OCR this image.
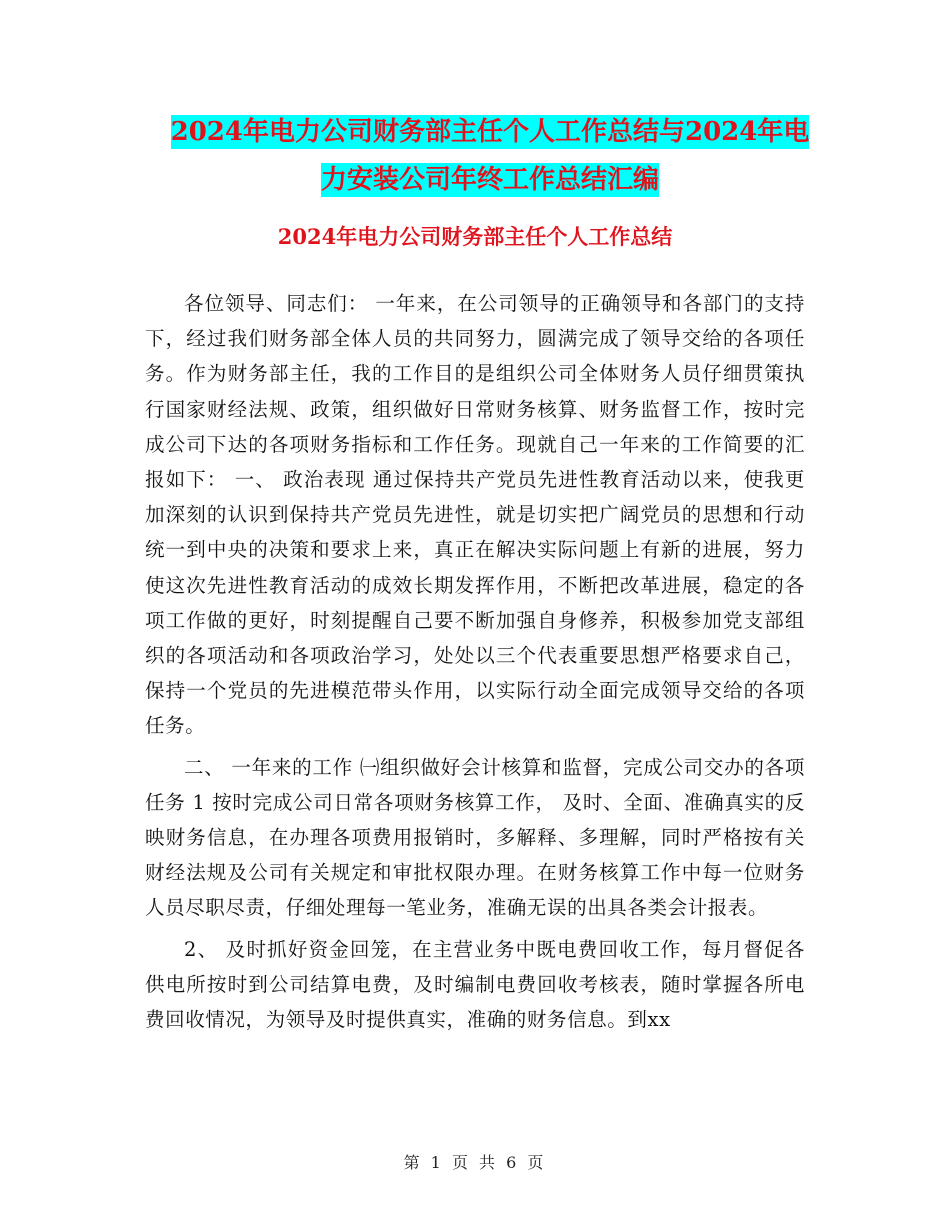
2024年电力公司财务部主任个人工作总结与2024年电
力安装公司年终工作总结汇编
2024年电力公司财务部主任个人工作总结

各位领导、同志们： 一年来，在公司领导的正确领导和各部门的支持下，经过我们财务部全体人员的共同努力，圆满完成了领导交给的各项任务。作为财务部主任，我的工作目的是组织公司全体财务人员仔细贯策执行国家财经法规、政策，组织做好日常财务核算、财务监督工作，按时完成公司下达的各项财务指标和工作任务。现就自己一年来的工作简要的汇报如下： 一、 政治表现 通过保持共产党员先进性教育活动以来，使我更加深刻的认识到保持共产党员先进性，就是切实把广阔党员的思想和行动统一到中央的决策和要求上来，真正在解决实际问题上有新的进展，努力使这次先进性教育活动的成效长期发挥作用，不断把改革进展，稳定的各项工作做的更好，时刻提醒自己要不断加强自身修养，积极参加党支部组织的各项活动和各项政治学习，处处以三个代表重要思想严格要求自己，保持一个党员的先进模范带头作用，以实际行动全面完成领导交给的各项任务。

二、 一年来的工作 ㈠组织做好会计核算和监督，完成公司交办的各项任务 1 按时完成公司日常各项财务核算工作， 及时、全面、准确真实的反映财务信息，在办理各项费用报销时，多解释、多理解，同时严格按有关财经法规及公司有关规定和审批权限办理。在财务核算工作中每一位财务人员尽职尽责，仔细处理每一笔业务，准确无误的出具各类会计报表。

2、 及时抓好资金回笼，在主营业务中既电费回收工作，每月督促各供电所按时到公司结算电费，及时编制电费回收考核表，随时掌握各所电费回收情况，为领导及时提供真实，准确的财务信息。到xx

第 1 页 共 6 页
